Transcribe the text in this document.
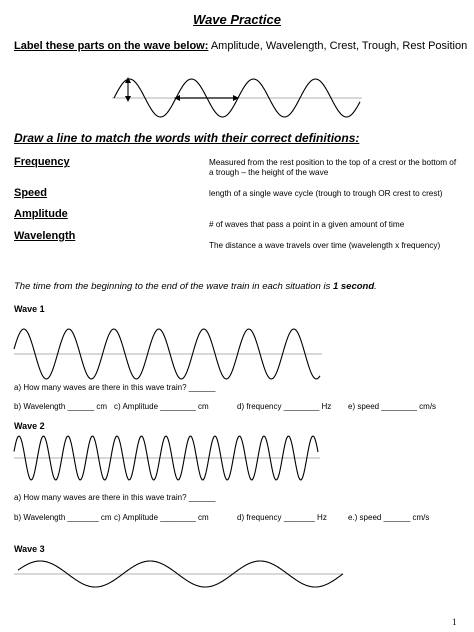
Wave Practice
Label these parts on the wave below: Amplitude, Wavelength, Crest, Trough, Rest Position
Draw a line to match the words with their correct definitions:
Frequency
Speed
Amplitude
Wavelength
Measured from the rest position to the top of a crest or the bottom of a trough – the height of the wave
length of a single wave cycle (trough to trough OR crest to crest)
# of waves that pass a point in a given amount of time
The distance a wave travels over time (wavelength x frequency)
The time from the beginning to the end of the wave train in each situation is 1 second.
Wave 1
a) How many waves are there in this wave train? ______
b) Wavelength ______ cm c) Amplitude ________ cm	d) frequency ________ Hz e) speed ________ cm/s
Wave 2
a) How many waves are there in this wave train? ______
b) Wavelength _______ cm c) Amplitude ________ cm	d) frequency _______ Hz	e.) speed ______ cm/s
Wave 3
1
